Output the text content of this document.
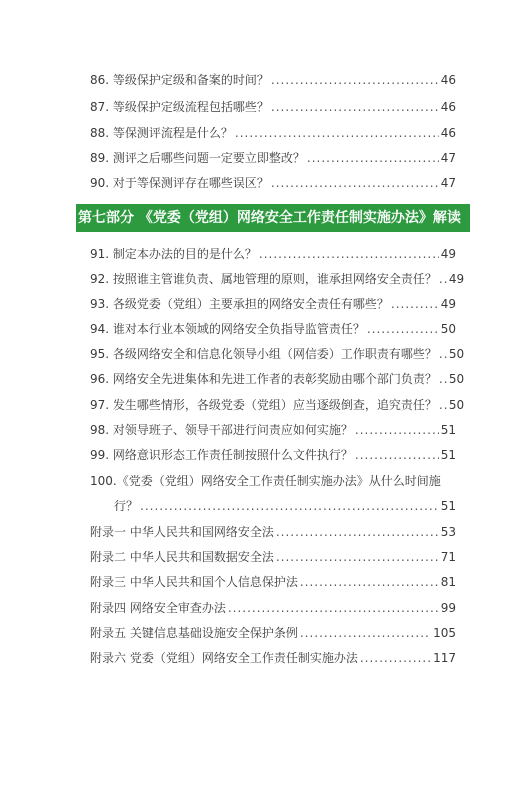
86. 等级保护定级和备案的时间？ .....	46
87. 等级保护定级流程包括哪些？ .....	46
88. 等保测评流程是什么？ .....	46
89. 测评之后哪些问题一定要立即整改？ .....	47
90. 对于等保测评存在哪些误区？ .....	47
第七部分 《党委（党组）网络安全工作责任制实施办法》解读
91. 制定本办法的目的是什么？ .....	49
92. 按照谁主管谁负责、属地管理的原则，谁承担网络安全责任？ ..... 49
93. 各级党委（党组）主要承担的网络安全责任有哪些？ .....	49
94. 谁对本行业本领域的网络安全负指导监管责任？ .....	50
95. 各级网络安全和信息化领导小组（网信委）工作职责有哪些？ ..... 50
96. 网络安全先进集体和先进工作者的表彰奖励由哪个部门负责？ ..... 50
97. 发生哪些情形，各级党委（党组）应当逐级倒查，追究责任？ ..... 50
98. 对领导班子、领导干部进行问责应如何实施？ .....	51
99. 网络意识形态工作责任制按照什么文件执行？ .....	51
100.《党委（党组）网络安全工作责任制实施办法》从什么时间施
行？ .....	51
附录一 中华人民共和国网络安全法 .....	53
附录二 中华人民共和国数据安全法 .....	71
附录三 中华人民共和国个人信息保护法 .....	81
附录四 网络安全审查办法 .....	99
附录五 关键信息基础设施安全保护条例 .....	105
附录六 党委（党组）网络安全工作责任制实施办法 .....	117
